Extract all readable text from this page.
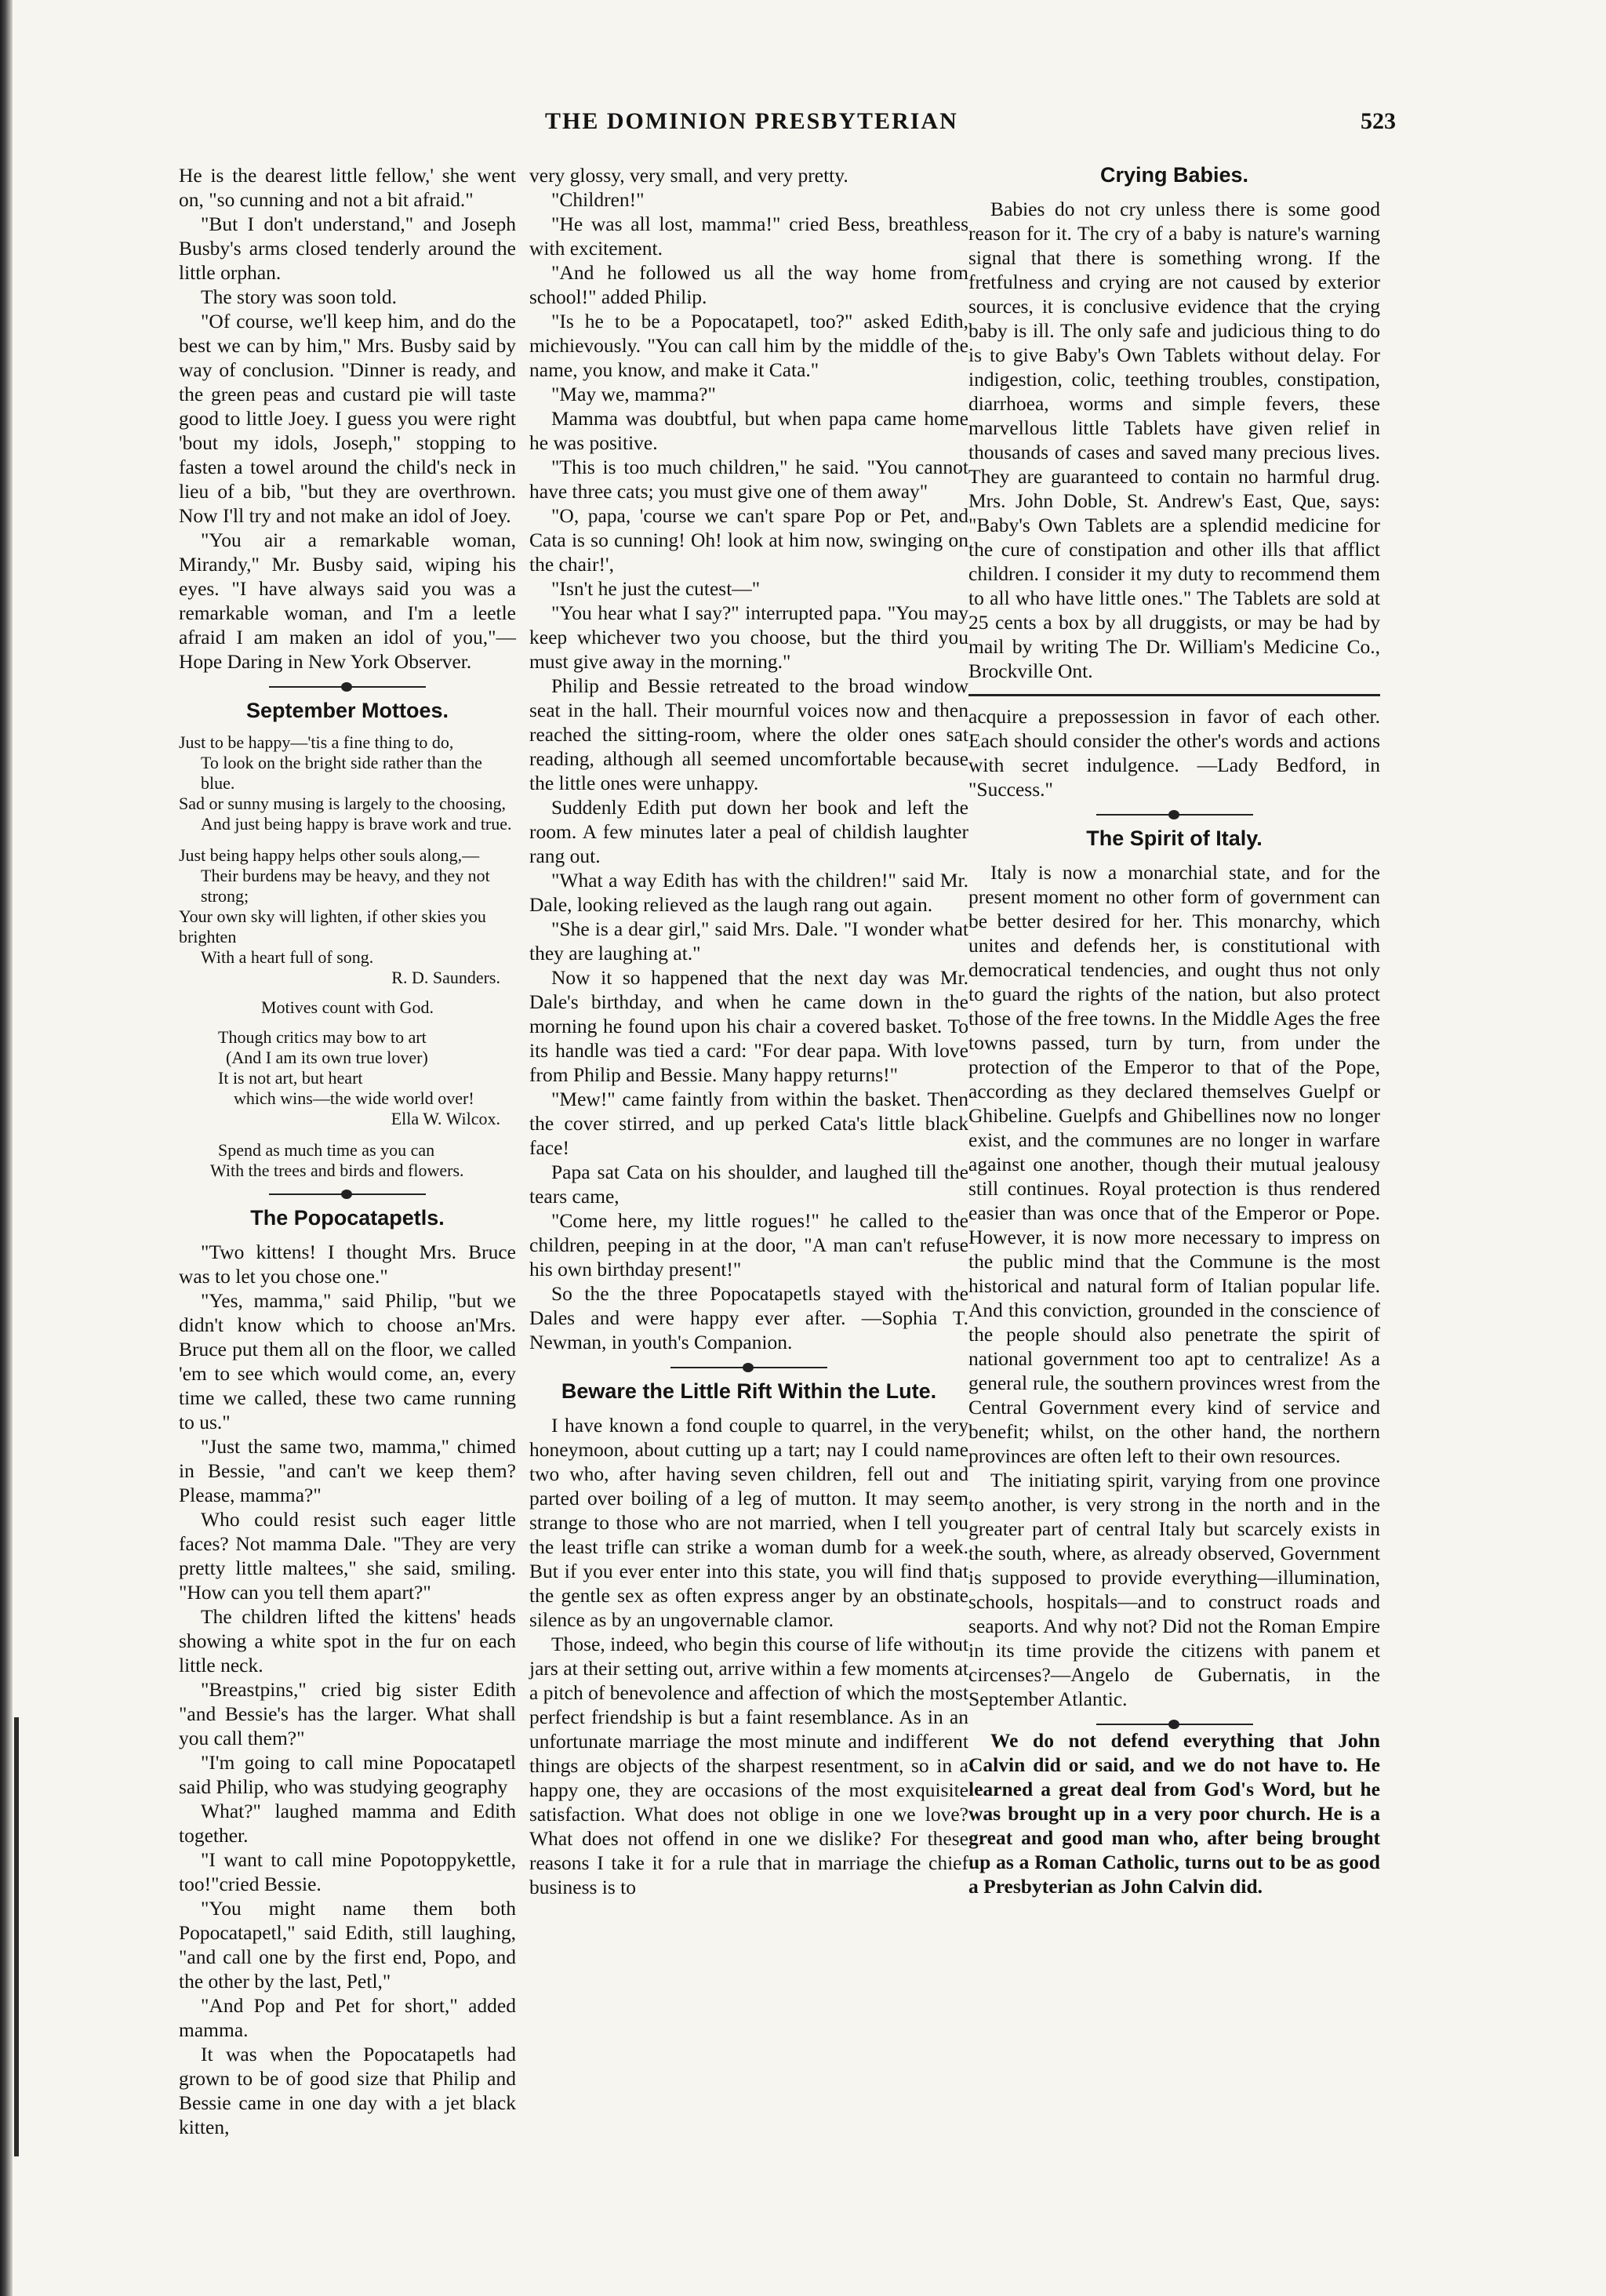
THE DOMINION PRESBYTERIAN	523

He is the dearest little fellow,' she went on, "so cunning and not a bit afraid."

"But I don't understand," and Joseph Busby's arms closed tenderly around the little orphan.

The story was soon told.

"Of course, we'll keep him, and do the best we can by him," Mrs. Busby said by way of conclusion. "Dinner is ready, and the green peas and custard pie will taste good to little Joey. I guess you were right 'bout my idols, Joseph," stopping to fasten a towel around the child's neck in lieu of a bib, "but they are overthrown. Now I'll try and not make an idol of Joey.

"You air a remarkable woman, Mirandy," Mr. Busby said, wiping his eyes. "I have always said you was a remarkable woman, and I'm a leetle afraid I am maken an idol of you,"—Hope Daring in New York Observer.

September Mottoes.
Just to be happy—'tis a fine thing to do,
To look on the bright side rather than the blue.
Sad or sunny musing is largely to the choosing,
And just being happy is brave work and true.
Just being happy helps other souls along,—
Their burdens may be heavy, and they not strong;
Your own sky will lighten, if other skies you brighten
With a heart full of song.
R. D. Saunders.
Motives count with God.
Though critics may bow to art
(And I am its own true lover)
It is not art, but heart
which wins—the wide world over!
Ella W. Wilcox.
Spend as much time as you can
With the trees and birds and flowers.
The Popocatapetls.

"Two kittens! I thought Mrs. Bruce was to let you chose one."

"Yes, mamma," said Philip, "but we didn't know which to choose an'Mrs. Bruce put them all on the floor, we called 'em to see which would come, an, every time we called, these two came running to us."

"Just the same two, mamma," chimed in Bessie, "and can't we keep them? Please, mamma?"

Who could resist such eager little faces? Not mamma Dale. "They are very pretty little maltees," she said, smiling. "How can you tell them apart?"

The children lifted the kittens' heads showing a white spot in the fur on each little neck.

"Breastpins," cried big sister Edith "and Bessie's has the larger. What shall you call them?"

"I'm going to call mine Popocatapetl said Philip, who was studying geography

What?" laughed mamma and Edith together.

"I want to call mine Popotoppykettle, too!"cried Bessie.

"You might name them both Popocatapetl," said Edith, still laughing, "and call one by the first end, Popo, and the other by the last, Petl,"

"And Pop and Pet for short," added mamma.

It was when the Popocatapetls had grown to be of good size that Philip and Bessie came in one day with a jet black kitten,

very glossy, very small, and very pretty.

"Children!"

"He was all lost, mamma!" cried Bess, breathless with excitement.

"And he followed us all the way home from school!" added Philip.

"Is he to be a Popocatapetl, too?" asked Edith, michievously. "You can call him by the middle of the name, you know, and make it Cata."

"May we, mamma?"

Mamma was doubtful, but when papa came home he was positive.

"This is too much children," he said. "You cannot have three cats; you must give one of them away"

"O, papa, 'course we can't spare Pop or Pet, and Cata is so cunning! Oh! look at him now, swinging on the chair!',

"Isn't he just the cutest—"

"You hear what I say?" interrupted papa. "You may keep whichever two you choose, but the third you must give away in the morning."

Philip and Bessie retreated to the broad window seat in the hall. Their mournful voices now and then reached the sitting-room, where the older ones sat reading, although all seemed uncomfortable because the little ones were unhappy.

Suddenly Edith put down her book and left the room. A few minutes later a peal of childish laughter rang out.

"What a way Edith has with the children!" said Mr. Dale, looking relieved as the laugh rang out again.

"She is a dear girl," said Mrs. Dale. "I wonder what they are laughing at."

Now it so happened that the next day was Mr. Dale's birthday, and when he came down in the morning he found upon his chair a covered basket. To its handle was tied a card: "For dear papa. With love from Philip and Bessie. Many happy returns!"

"Mew!" came faintly from within the basket. Then the cover stirred, and up perked Cata's little black face!

Papa sat Cata on his shoulder, and laughed till the tears came,

"Come here, my little rogues!" he called to the children, peeping in at the door, "A man can't refuse his own birthday present!"

So the the three Popocatapetls stayed with the Dales and were happy ever after. —Sophia T. Newman, in youth's Companion.

Beware the Little Rift Within the Lute.

I have known a fond couple to quarrel, in the very honeymoon, about cutting up a tart; nay I could name two who, after having seven children, fell out and parted over boiling of a leg of mutton. It may seem strange to those who are not married, when I tell you the least trifle can strike a woman dumb for a week. But if you ever enter into this state, you will find that the gentle sex as often express anger by an obstinate silence as by an ungovernable clamor.

Those, indeed, who begin this course of life without jars at their setting out, arrive within a few moments at a pitch of benevolence and affection of which the most perfect friendship is but a faint resemblance. As in an unfortunate marriage the most minute and indifferent things are objects of the sharpest resentment, so in a happy one, they are occasions of the most exquisite satisfaction. What does not oblige in one we love? What does not offend in one we dislike? For these reasons I take it for a rule that in marriage the chief business is to

Crying Babies.

Babies do not cry unless there is some good reason for it. The cry of a baby is nature's warning signal that there is something wrong. If the fretfulness and crying are not caused by exterior sources, it is conclusive evidence that the crying baby is ill. The only safe and judicious thing to do is to give Baby's Own Tablets without delay. For indigestion, colic, teething troubles, constipation, diarrhoea, worms and simple fevers, these marvellous little Tablets have given relief in thousands of cases and saved many precious lives. They are guaranteed to contain no harmful drug. Mrs. John Doble, St. Andrew's East, Que, says: "Baby's Own Tablets are a splendid medicine for the cure of constipation and other ills that afflict children. I consider it my duty to recommend them to all who have little ones." The Tablets are sold at 25 cents a box by all druggists, or may be had by mail by writing The Dr. William's Medicine Co., Brockville Ont.

acquire a prepossession in favor of each other. Each should consider the other's words and actions with secret indulgence. —Lady Bedford, in "Success."

The Spirit of Italy.

Italy is now a monarchial state, and for the present moment no other form of government can be better desired for her. This monarchy, which unites and defends her, is constitutional with democratical tendencies, and ought thus not only to guard the rights of the nation, but also protect those of the free towns. In the Middle Ages the free towns passed, turn by turn, from under the protection of the Emperor to that of the Pope, according as they declared themselves Guelpf or Ghibeline. Guelpfs and Ghibellines now no longer exist, and the communes are no longer in warfare against one another, though their mutual jealousy still continues. Royal protection is thus rendered easier than was once that of the Emperor or Pope. However, it is now more necessary to impress on the public mind that the Commune is the most historical and natural form of Italian popular life. And this conviction, grounded in the conscience of the people should also penetrate the spirit of national government too apt to centralize! As a general rule, the southern provinces wrest from the Central Government every kind of service and benefit; whilst, on the other hand, the northern provinces are often left to their own resources.

The initiating spirit, varying from one province to another, is very strong in the north and in the greater part of central Italy but scarcely exists in the south, where, as already observed, Government is supposed to provide everything—illumination, schools, hospitals—and to construct roads and seaports. And why not? Did not the Roman Empire in its time provide the citizens with panem et circenses?—Angelo de Gubernatis, in the September Atlantic.

We do not defend everything that John Calvin did or said, and we do not have to. He learned a great deal from God's Word, but he was brought up in a very poor church. He is a great and good man who, after being brought up as a Roman Catholic, turns out to be as good a Presbyterian as John Calvin did.
